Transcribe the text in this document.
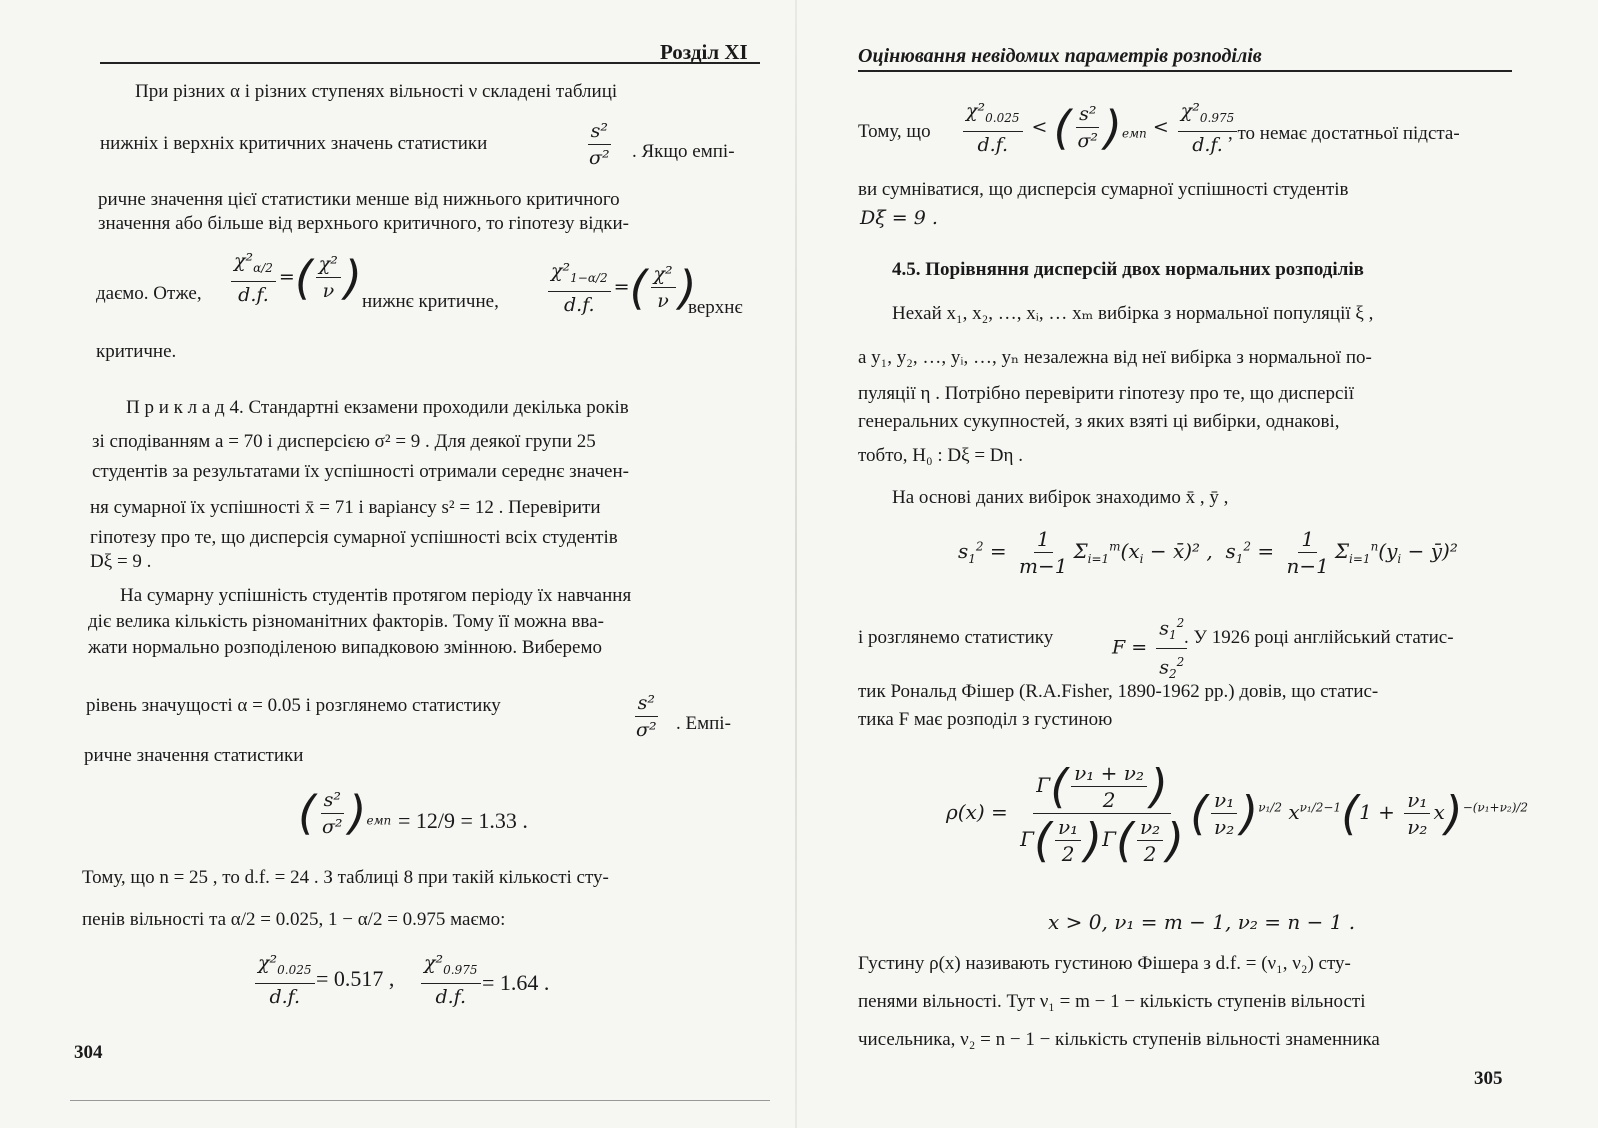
Розділ XI
При різних α і різних ступенях вільності ν складені таблиці
нижніх і верхніх критичних значень статистики	$\frac{\text{s²}}{\text{σ²}}$ . Якщо емпі-
ричне значення цієї статистики менше від нижнього критичного
значення або більше від верхнього критичного, то гіпотезу відки-
даємо. Отже, $\frac{\chi^2_{\alpha/2}}{d.f.}$ =( $\frac{\text{χ²}}{\nu}$ ) нижнє критичне,	$\frac{\chi^2_{1-\alpha/2}}{d.f.}$ =( $\frac{\text{χ²}}{\nu}$ )
верхнє
критичне.
П р и к л а д 4. Стандартні екзамени проходили декілька років
зі сподіванням a = 70 і дисперсією σ² = 9 . Для деякої групи 25
студентів за результатами їх успішності отримали середнє значен-
ня сумарної їх успішності x̄ = 71 і варіансу s² = 12 . Перевірити
гіпотезу про те, що дисперсія сумарної успішності всіх студентів
Dξ = 9 .
На сумарну успішність студентів протягом періоду їх навчання
діє велика кількість різноманітних факторів. Тому її можна вва-
жати нормально розподіленою випадковою змінною. Виберемо
рівень значущості α = 0.05 і розглянемо статистику	$\frac{\text{s²}}{\text{σ²}}$ . Емпі-
ричне значення статистики
( $\frac{\text{s²}}{\text{σ²}} )_{емп} = 12/9 = 1.33$ .
Тому, що n = 25 , то d.f. = 24 . З таблиці 8 при такій кількості сту-
пенів вільності та α/2 = 0.025, 1 − α/2 = 0.975 маємо:
$\frac{\chi^2_{0.025}}{d.f.} = 0.517$ , $\frac{\chi^2_{0.975}}{d.f.} = 1.64$ .
304
Оцінювання невідомих параметрів розподілів
Тому, що $\frac{\chi^2_{0.025}}{d.f.}$ < ( $\frac{\text{s²}}{\text{σ²}} )_{емп} < \frac{\chi^2_{0.975}}{d.f.}$
, то немає достатньої підста-
ви сумніватися, що дисперсія сумарної успішності студентів
Dξ = 9 .
4.5. Порівняння дисперсій двох нормальних розподілів
Нехай x₁, x₂, …, xᵢ, … xₘ вибірка з нормальної популяції ξ ,
а y₁, y₂, …, yᵢ, …, yₙ незалежна від неї вибірка з нормальної по-
пуляції η . Потрібно перевірити гіпотезу про те, що дисперсії
генеральних сукупностей, з яких взяті ці вибірки, однакові,
тобто, H₀ : Dξ = Dη .
На основі даних вибірок знаходимо x̄ , ȳ ,
$s_1^2 = \frac{1}{m-1} \Sigma_{i=1}^m(x_i$ − x̄)² ,  $s_1^2 = \frac{1}{n-1} \Sigma_{i=1}^n(y_i$ − ȳ)²
і розглянемо статистику	$F = \frac{s_1^2}{s_2^2}$
. У 1926 році англійський статис-
тик Рональд Фішер (R.A.Fisher, 1890-1962 рр.) довів, що статис-
тика F має розподіл з густиною
$\rho(x) = \frac{\Gamma( \frac{\text{ν₁ + ν₂}}{2} )}{\Gamma( \frac{\text{ν₁}}{2} )\Gamma( \frac{\text{ν₂}}{2} )}$ ( $\frac{\text{ν₁}}{\text{ν₂}} )^{\nu_1/2}$ $x^{\nu_1/2-1}(1 + \frac{\text{ν₁}}{\text{ν₂}} x)^{-(\nu_1+\nu_2)/2}$
x > 0, ν₁ = m − 1, ν₂ = n − 1 .
Густину ρ(x) називають густиною Фішера з d.f. = (ν₁, ν₂) сту-
пенями вільності. Тут ν₁ = m − 1 − кількість ступенів вільності
чисельника, ν₂ = n − 1 − кількість ступенів вільності знаменника
305
